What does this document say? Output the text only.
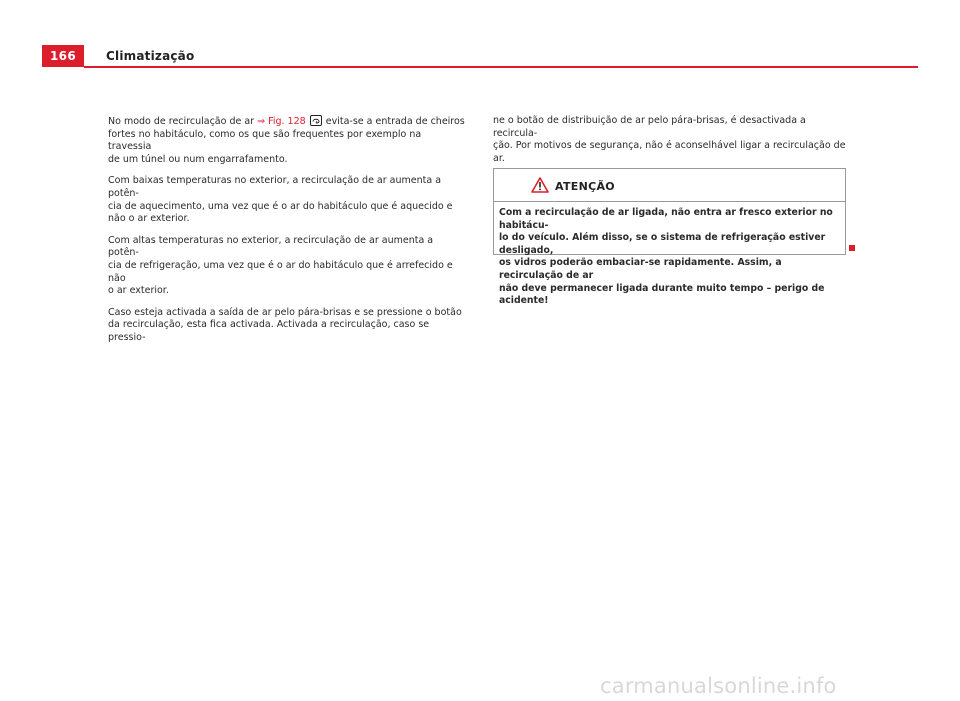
166	Climatização

No modo de recirculação de ar ⇒ Fig. 128
evita-se a entrada de cheiros
fortes no habitáculo, como os que são frequentes por exemplo na travessia
de um túnel ou num engarrafamento.

Com baixas temperaturas no exterior, a recirculação de ar aumenta a potên-
cia de aquecimento, uma vez que é o ar do habitáculo que é aquecido e
não o ar exterior.

Com altas temperaturas no exterior, a recirculação de ar aumenta a potên-
cia de refrigeração, uma vez que é o ar do habitáculo que é arrefecido e não
o ar exterior.

Caso esteja activada a saída de ar pelo pára-brisas e se pressione o botão
da recirculação, esta fica activada. Activada a recirculação, caso se pressio-

ne o botão de distribuição de ar pelo pára-brisas, é desactivada a recircula-
ção. Por motivos de segurança, não é aconselhável ligar a recirculação de
ar.

ATENÇÃO
Com a recirculação de ar ligada, não entra ar fresco exterior no habitácu-
lo do veículo. Além disso, se o sistema de refrigeração estiver desligado,
os vidros poderão embaciar-se rapidamente. Assim, a recirculação de ar
não deve permanecer ligada durante muito tempo – perigo de acidente!
carmanualsonline.info
